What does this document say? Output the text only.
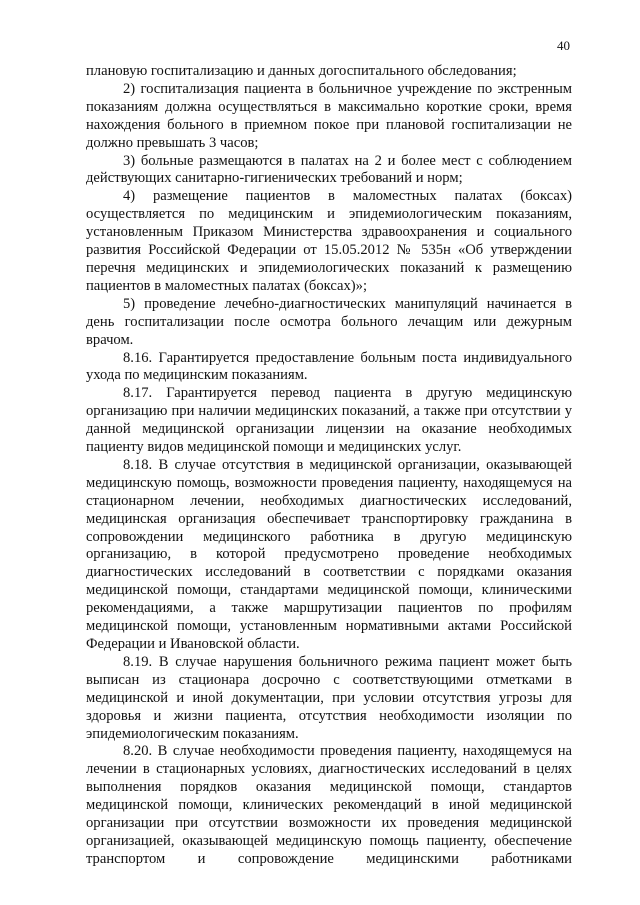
40

плановую госпитализацию и данных догоспитального обследования;

2) госпитализация пациента в больничное учреждение по экстренным показаниям должна осуществляться в максимально короткие сроки, время нахождения больного в приемном покое при плановой госпитализации не должно превышать 3 часов;

3) больные размещаются в палатах на 2 и более мест с соблюдением действующих санитарно-гигиенических требований и норм;

4) размещение пациентов в маломестных палатах (боксах) осуществляется по медицинским и эпидемиологическим показаниям, установленным Приказом Министерства здравоохранения и социального развития Российской Федерации от 15.05.2012 № 535н «Об утверждении перечня медицинских и эпидемиологических показаний к размещению пациентов в маломестных палатах (боксах)»;

5) проведение лечебно-диагностических манипуляций начинается в день госпитализации после осмотра больного лечащим или дежурным врачом.

8.16. Гарантируется предоставление больным поста индивидуального ухода по медицинским показаниям.

8.17. Гарантируется перевод пациента в другую медицинскую организацию при наличии медицинских показаний, а также при отсутствии у данной медицинской организации лицензии на оказание необходимых пациенту видов медицинской помощи и медицинских услуг.

8.18. В случае отсутствия в медицинской организации, оказывающей медицинскую помощь, возможности проведения пациенту, находящемуся на стационарном лечении, необходимых диагностических исследований, медицинская организация обеспечивает транспортировку гражданина в сопровождении медицинского работника в другую медицинскую организацию, в которой предусмотрено проведение необходимых диагностических исследований в соответствии с порядками оказания медицинской помощи, стандартами медицинской помощи, клиническими рекомендациями, а также маршрутизации пациентов по профилям медицинской помощи, установленным нормативными актами Российской Федерации и Ивановской области.

8.19. В случае нарушения больничного режима пациент может быть выписан из стационара досрочно с соответствующими отметками в медицинской и иной документации, при условии отсутствия угрозы для здоровья и жизни пациента, отсутствия необходимости изоляции по эпидемиологическим показаниям.

8.20. В случае необходимости проведения пациенту, находящемуся на лечении в стационарных условиях, диагностических исследований в целях выполнения порядков оказания медицинской помощи, стандартов медицинской помощи, клинических рекомендаций в иной медицинской организации при отсутствии возможности их проведения медицинской организацией, оказывающей медицинскую помощь пациенту, обеспечение транспортом и сопровождение медицинскими работниками
